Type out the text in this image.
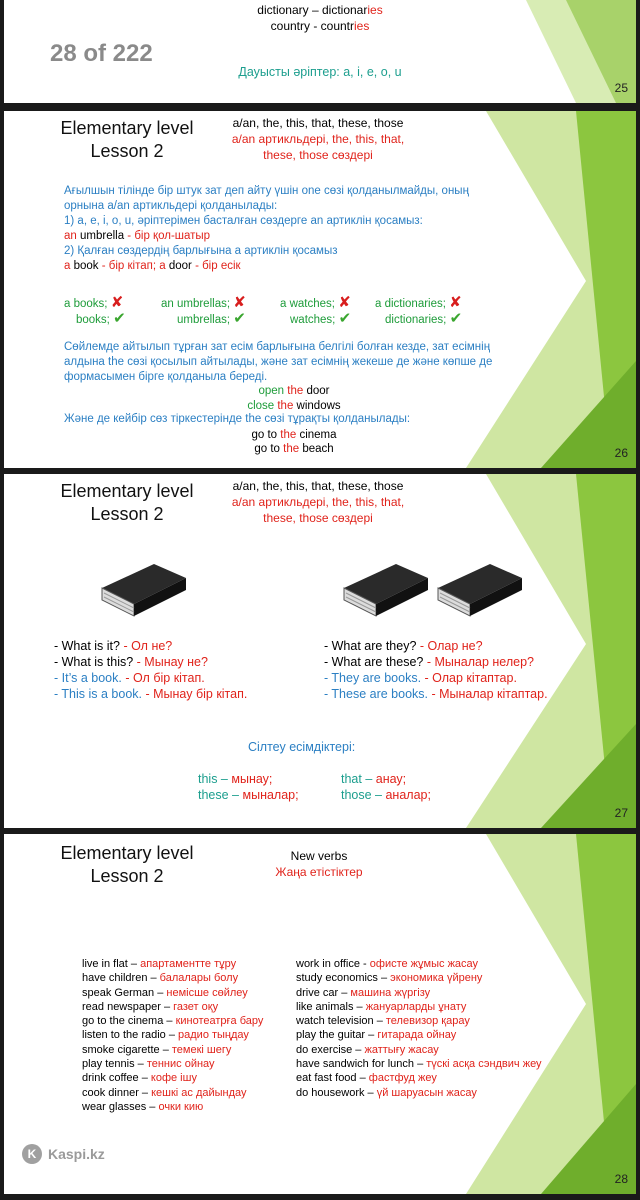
dictionary – dictionaries
country - countries
28 of 222
Дауысты әріптер: a, i, e, o, u
25
Elementary level
Lesson 2
a/an, the, this, that, these, those
a/an артикльдері, the, this, that,
these, those сөздері
Ағылшын тілінде бір штук зат деп айту үшін one сөзі қолданылмайды, оның
орнына a/an артикльдері қолданылады:
1) a, e, i, o, u, әріптерімен басталған сөздерге an артиклін қосамыз:
an umbrella - бір қол-шатыр
2) Қалған сөздердің барлығына a артиклін қосамыз
a book - бір кітап; a door - бір есік
a books; ✘	an umbrellas; ✘	a watches; ✘ a dictionaries; ✘
books; ✔	umbrellas; ✔	watches; ✔	dictionaries; ✔
Сөйлемде айтылып тұрған зат есім барлығына белгілі болған кезде, зат есімнің
алдына the сөзі қосылып айтылады, және зат есімнің жекеше де және көпше де
формасымен бірге қолданыла береді.
open the door
close the windows
Және де кейбір сөз тіркестерінде the сөзі тұрақты қолданылады:
go to the cinema
go to the beach	26
Elementary level
Lesson 2
a/an, the, this, that, these, those
a/an артикльдері, the, this, that,
these, those сөздері
- What is it? - Ол не?
- What is this? - Мынау не?
- It’s a book. - Ол бір кітап.
- This is a book. - Мынау бір кітап.
- What are they? - Олар не?
- What are these? - Мыналар нелер?
- They are books. - Олар кітаптар.
- These are books. - Мыналар кітаптар.
Сілтеу есімдіктері:
this – мынау;
these – мыналар;
that – анау;
those – аналар;
27
Elementary level
Lesson 2
New verbs
Жаңа етістіктер
live in flat – апартаментте тұру
have children – балалары болу
speak German – немісше сөйлеу
read newspaper – газет оқу
go to the cinema – кинотеатрға бару
listen to the radio – радио тыңдау
smoke cigarette – темекі шегу
play tennis – теннис ойнау
drink coffee – кофе ішу
cook dinner – кешкі ас дайындау
wear glasses – очки кию
work in office - офисте жұмыс жасау
study economics – экономика үйрену
drive car – машина жүргізу
like animals – жануарларды ұнату
watch television – телевизор қарау
play the guitar – гитарада ойнау
do exercise – жаттығу жасау
have sandwich for lunch – түскі асқа сэндвич жеу
eat fast food – фастфуд жеу
do housework – үй шаруасын жасау
K Kaspi.kz
28
